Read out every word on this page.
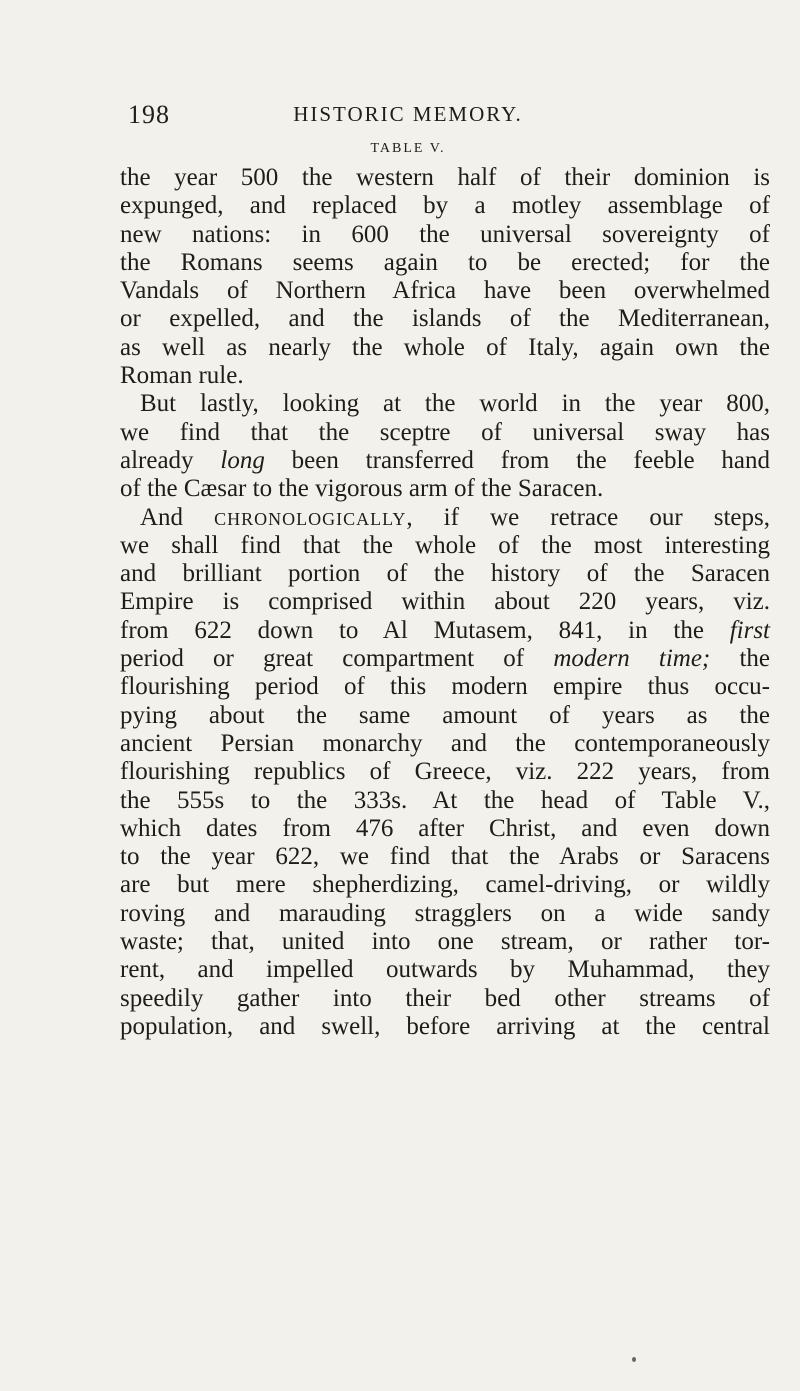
198	HISTORIC MEMORY.
TABLE V.
the year 500 the western half of their dominion is
expunged, and replaced by a motley assemblage of
new nations: in 600 the universal sovereignty of
the Romans seems again to be erected; for the
Vandals of Northern Africa have been overwhelmed
or expelled, and the islands of the Mediterranean,
as well as nearly the whole of Italy, again own the
Roman rule.
But lastly, looking at the world in the year 800,
we find that the sceptre of universal sway has
already long been transferred from the feeble hand
of the Cæsar to the vigorous arm of the Saracen.
And chronologically, if we retrace our steps,
we shall find that the whole of the most interesting
and brilliant portion of the history of the Saracen
Empire is comprised within about 220 years, viz.
from 622 down to Al Mutasem, 841, in the first
period or great compartment of modern time; the
flourishing period of this modern empire thus occu-
pying about the same amount of years as the
ancient Persian monarchy and the contemporaneously
flourishing republics of Greece, viz. 222 years, from
the 555s to the 333s. At the head of Table V.,
which dates from 476 after Christ, and even down
to the year 622, we find that the Arabs or Saracens
are but mere shepherdizing, camel-driving, or wildly
roving and marauding stragglers on a wide sandy
waste; that, united into one stream, or rather tor-
rent, and impelled outwards by Muhammad, they
speedily gather into their bed other streams of
population, and swell, before arriving at the central
